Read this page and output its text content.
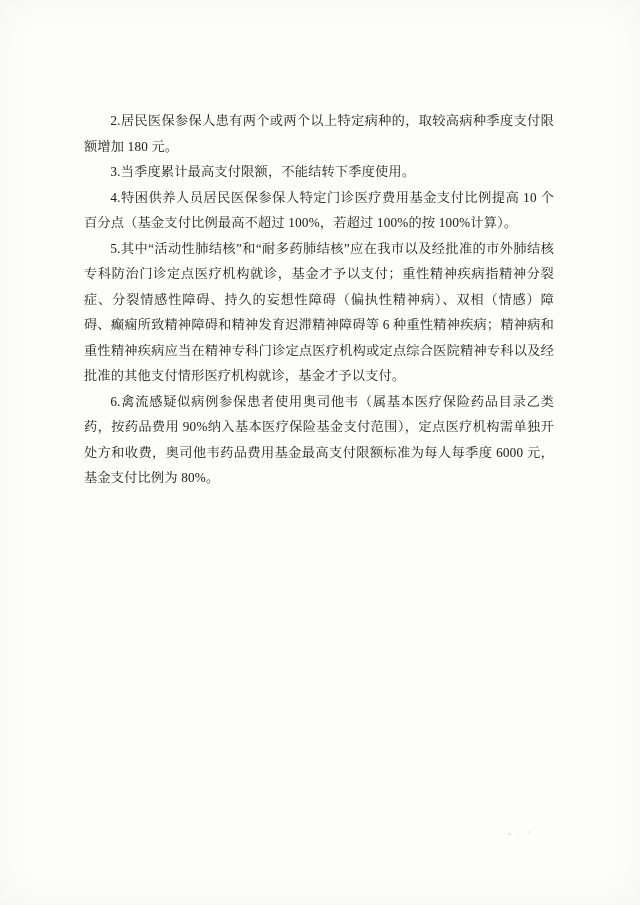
2.居民医保参保人患有两个或两个以上特定病种的，取较高病种季度支付限额增加 180 元。

3.当季度累计最高支付限额，不能结转下季度使用。

4.特困供养人员居民医保参保人特定门诊医疗费用基金支付比例提高 10 个百分点（基金支付比例最高不超过 100%，若超过 100%的按 100%计算）。

5.其中“活动性肺结核”和“耐多药肺结核”应在我市以及经批准的市外肺结核专科防治门诊定点医疗机构就诊，基金才予以支付；重性精神疾病指精神分裂症、分裂情感性障碍、持久的妄想性障碍（偏执性精神病）、双相（情感）障碍、癫痫所致精神障碍和精神发育迟滞精神障碍等 6 种重性精神疾病；精神病和重性精神疾病应当在精神专科门诊定点医疗机构或定点综合医院精神专科以及经批准的其他支付情形医疗机构就诊，基金才予以支付。

6.禽流感疑似病例参保患者使用奥司他韦（属基本医疗保险药品目录乙类药，按药品费用 90%纳入基本医疗保险基金支付范围），定点医疗机构需单独开处方和收费，奥司他韦药品费用基金最高支付限额标准为每人每季度 6000 元，基金支付比例为 80%。
